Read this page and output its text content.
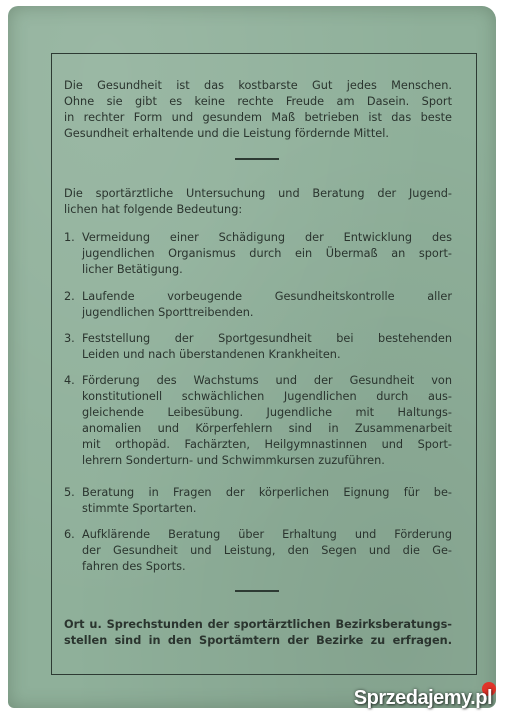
Die Gesundheit ist das kostbarste Gut jedes Menschen.
Ohne sie gibt es keine rechte Freude am Dasein. Sport
in rechter Form und gesundem Maß betrieben ist das beste
Gesundheit erhaltende und die Leistung fördernde Mittel.
Die sportärztliche Untersuchung und Beratung der Jugend-
lichen hat folgende Bedeutung:
1. Vermeidung einer Schädigung der Entwicklung des
jugendlichen Organismus durch ein Übermaß an sport-
licher Betätigung.
2. Laufende vorbeugende Gesundheitskontrolle aller
jugendlichen Sporttreibenden.
3. Feststellung der Sportgesundheit bei bestehenden
Leiden und nach überstandenen Krankheiten.
4. Förderung des Wachstums und der Gesundheit von
konstitutionell schwächlichen Jugendlichen durch aus-
gleichende Leibesübung. Jugendliche mit Haltungs-
anomalien und Körperfehlern sind in Zusammenarbeit
mit orthopäd. Fachärzten, Heilgymnastinnen und Sport-
lehrern Sonderturn- und Schwimmkursen zuzuführen.
5. Beratung in Fragen der körperlichen Eignung für be-
stimmte Sportarten.
6. Aufklärende Beratung über Erhaltung und Förderung
der Gesundheit und Leistung, den Segen und die Ge-
fahren des Sports.
Ort u. Sprechstunden der sportärztlichen Bezirksberatungs-
stellen sind in den Sportämtern der Bezirke zu erfragen.
Sprzedajemy.pl
